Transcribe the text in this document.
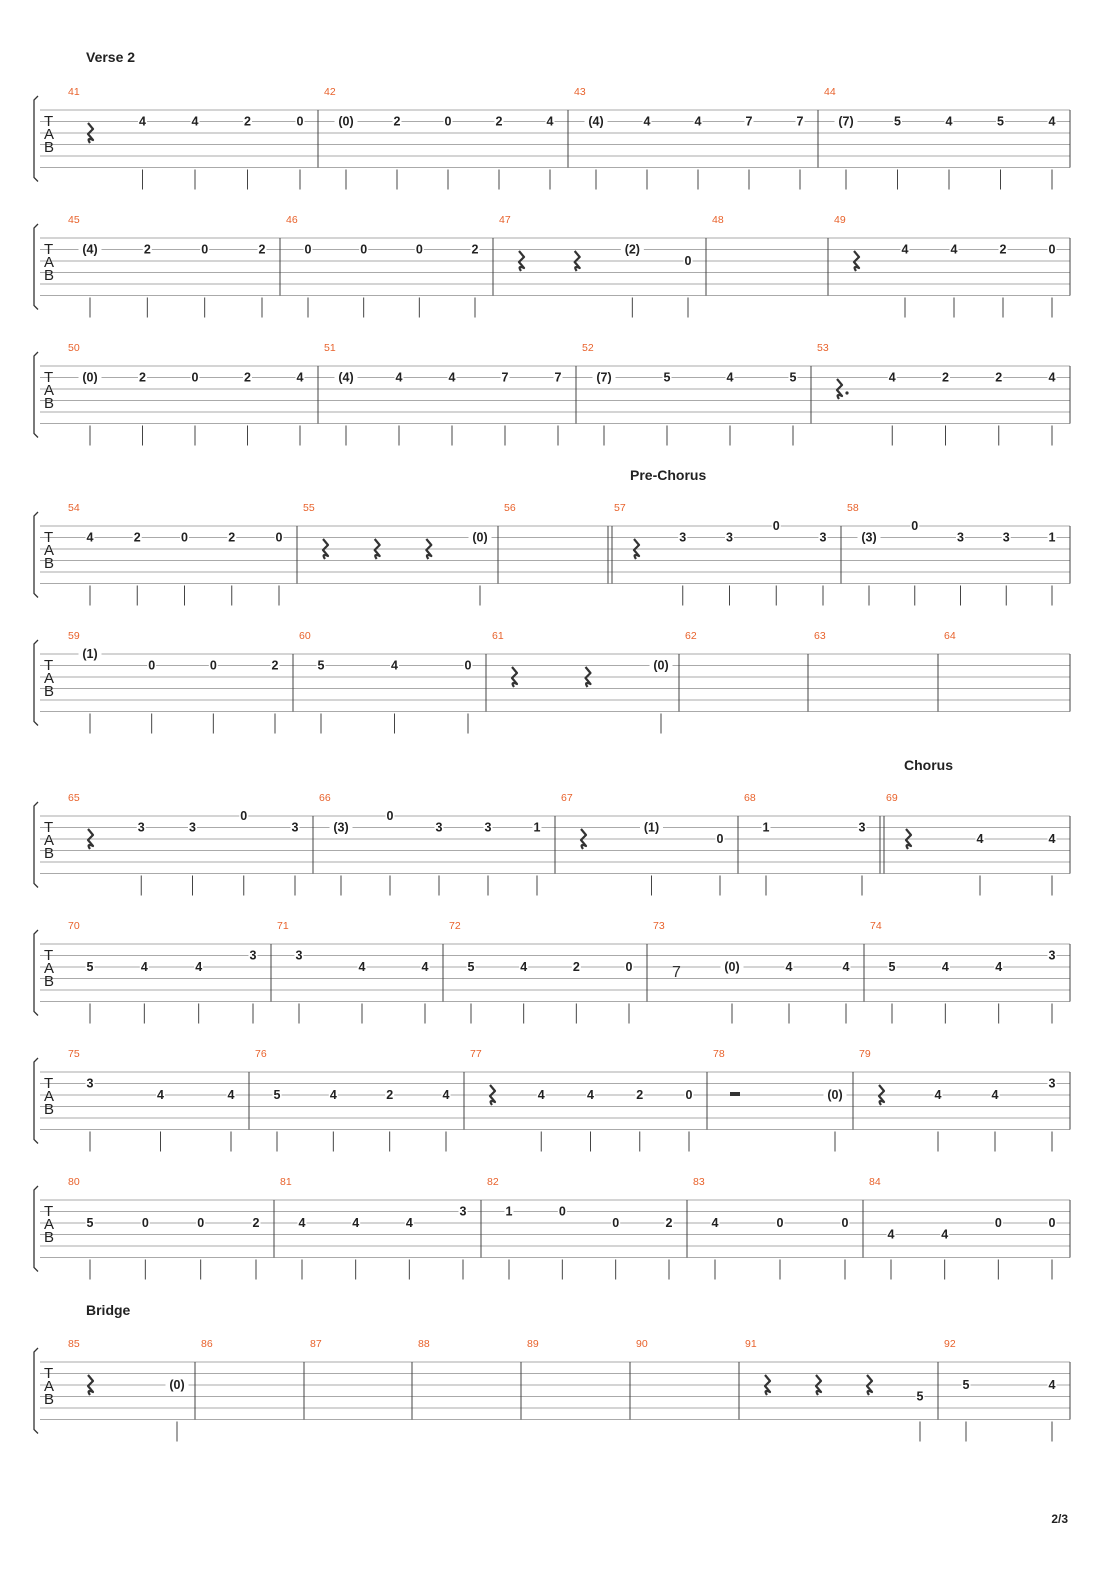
Verse 2
Pre-Chorus
Chorus
Bridge
T
A
B
41
4	4	2	0
42
(0)	2	0	2	4
43
(4)	4	4	7	7
44
(7)	5	4	5	4
T
A
B
45
(4)	2	0	2
46
0	0	0	2
47
(2)
0
48	49
4	4	2	0
T
A
B
50
(0)	2	0	2	4
51
(4)	4	4	7	7
52
(7)	5	4	5
53
4	2	2	4
T
A
B
54
4	2	0	2	0
55
(0)
56	57
3	3
0
3
58
(3)
0
3	3	1
T
A
B
59
(1)
0	0	2
60
5	4	0
61
(0)
62	63	64
T
A
B
65
3	3
0
3
66
(3)
0
3	3	1
67
(1)
0
68
1	3
69
4	4
T
A
B
70
5	4	4
3
71
3
4	4
72
5	4	2	0
73
7	(0)	4	4
74
5	4	4
3
T
A
B
75
3
4	4
76
5	4	2	4
77
4	4	2	0
78
(0)
79
4	4
3
T
A
B
80
5	0	0	2
81
4	4	4
3
82
1	0
0	2
83
4	0	0
84
4	4
0	0
T
A
B
85
(0)
86	87	88	89	90	91
5
92
5	4
2/3
